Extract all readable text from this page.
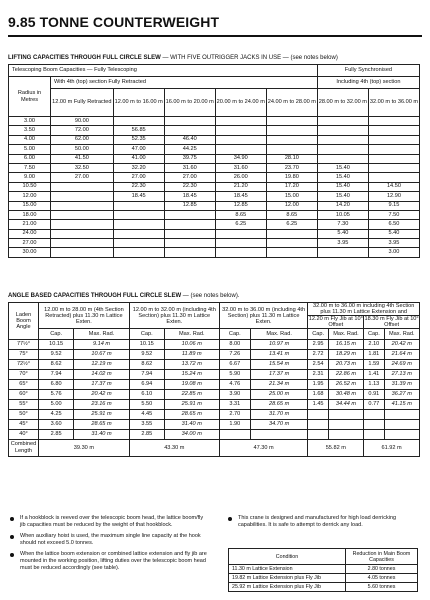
9.85 TONNE COUNTERWEIGHT
LIFTING CAPACITIES THROUGH FULL CIRCLE SLEW — WITH FIVE OUTRIGGER JACKS IN USE — (see notes below)
Telescoping Boom Capacities — Fully Telescoping						Fully Synchronised	
Radius in Metres	With 4th (top) section Fully Retracted					Including 4th (top) section	
	12.00 m Fully Retracted	12.00 m to 16.00 m	16.00 m to 20.00 m	20.00 m to 24.00 m	24.00 m to 28.00 m	28.00 m to 32.00 m	32.00 m to 36.00 m
3.00	90.00						
3.50	72.00	56.85					
4.00	62.00	52.35	46.40				
5.00	50.00	47.00	44.25				
6.00	41.50	41.00	39.75	34.90	28.10		
7.50	32.50	32.20	31.60	31.60	23.70	15.40	
9.00	27.00	27.00	27.00	26.00	19.80	15.40	
10.50		22.30	22.30	21.20	17.20	15.40	14.50
12.00		18.45	18.45	18.45	15.00	15.40	12.90
15.00			12.85	12.85	12.00	14.20	9.15
18.00				8.65	8.65	10.05	7.50
21.00				6.25	6.25	7.30	6.50
24.00						5.40	5.40
27.00						3.95	3.95
30.00							3.00
ANGLE BASED CAPACITIES THROUGH FULL CIRCLE SLEW — (see notes below).
Laden Boom Angle	12.00 m to 28.00 m (4th Section Retracted) plus 11.30 m Lattice Exten.		12.00 m to 32.00 m (including 4th Section) plus 11.30 m Lattice Exten.		32.00 m to 36.00 m (including 4th Section) plus 11.30 m Lattice Exten.		32.00 m to 36.00 m including 4th Section plus 11.30 m Lattice Extension and			
							12.20 m Fly Jib at 10° Offset		18.30 m Fly Jib at 10° Offset	
	Cap.	Max. Rad.	Cap.	Max. Rad.	Cap.	Max. Rad.	Cap.	Max. Rad.	Cap.	Max. Rad.
77½°	10.15	9.14 m	10.15	10.06 m	8.00	10.97 m	2.95	16.15 m	2.10	20.42 m
75°	9.52	10.67 m	9.52	11.89 m	7.26	13.41 m	2.72	18.29 m	1.81	21.64 m
72½°	8.62	12.19 m	8.62	13.72 m	6.67	15.54 m	2.54	20.73 m	1.59	24.69 m
70°	7.94	14.02 m	7.94	15.24 m	5.90	17.37 m	2.31	22.86 m	1.41	27.13 m
65°	6.80	17.37 m	6.94	19.08 m	4.76	21.34 m	1.95	26.52 m	1.13	31.39 m
60°	5.76	20.42 m	6.10	22.85 m	3.90	25.00 m	1.68	30.48 m	0.91	36.27 m
55°	5.00	23.16 m	5.50	25.91 m	3.31	28.65 m	1.45	34.44 m	0.77	41.15 m
50°	4.25	25.91 m	4.45	28.65 m	2.70	31.70 m				
45°	3.60	28.65 m	3.55	31.40 m	1.90	34.70 m				
40°	2.85	31.40 m	2.85	34.00 m						
Combined Length	39.30 m		43.30 m		47.30 m		55.82 m		61.92 m	
If a hookblock is reeved over the telescopic boom head, the lattice boom/fly jib capacities must be reduced by the weight of that hookblock.
When auxiliary hoist is used, the maximum single line capacity at the hook should not exceed 5.0 tonnes.
When the lattice boom extension or combined lattice extension and fly jib are mounted in the working position, lifting duties over the telescopic boom head must be reduced accordingly (see table).
This crane is designed and manufactured for high load derricking capabilities. It is safe to attempt to derrick any load.
Condition	Reduction in Main Boom Capacities
11.30 m Lattice Extension	2.80 tonnes
19.82 m Lattice Extension plus Fly Jib	4.05 tonnes
25.92 m Lattice Extension plus Fly Jib	5.60 tonnes
